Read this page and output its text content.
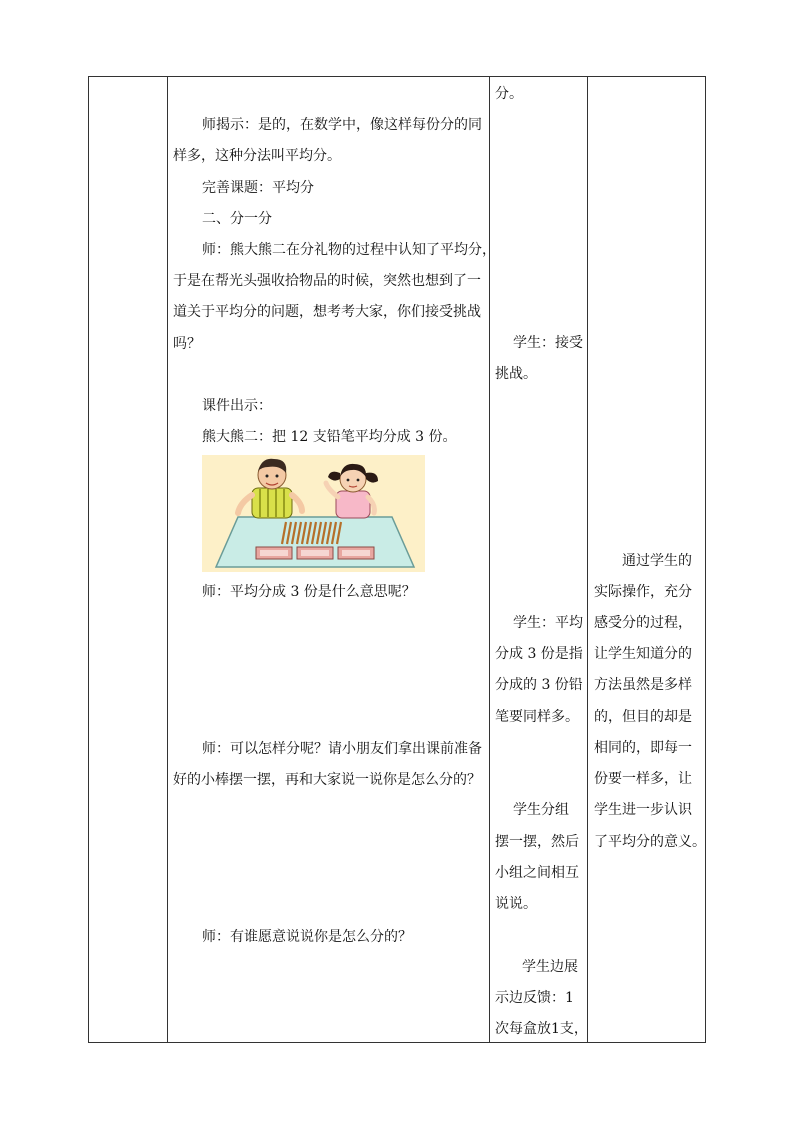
师揭示：是的，在数学中，像这样每份分的同
样多，这种分法叫平均分。
完善课题：平均分
二、分一分
师：熊大熊二在分礼物的过程中认知了平均分，
于是在帮光头强收拾物品的时候，突然也想到了一
道关于平均分的问题，想考考大家，你们接受挑战
吗？
课件出示：
熊大熊二：把 12 支铅笔平均分成 3 份。
师：平均分成 3 份是什么意思呢？
师：可以怎样分呢？请小朋友们拿出课前准备
好的小棒摆一摆，再和大家说一说你是怎么分的？
师：有谁愿意说说你是怎么分的？
分。
学生：接受
挑战。
学生：平均
分成 3 份是指
分成的 3 份铅
笔要同样多。
学生分组
摆一摆，然后
小组之间相互
说说。
学生边展
示边反馈：1
次每盒放1支，
通过学生的
实际操作，充分
感受分的过程，
让学生知道分的
方法虽然是多样
的，但目的却是
相同的，即每一
份要一样多，让
学生进一步认识
了平均分的意义。
